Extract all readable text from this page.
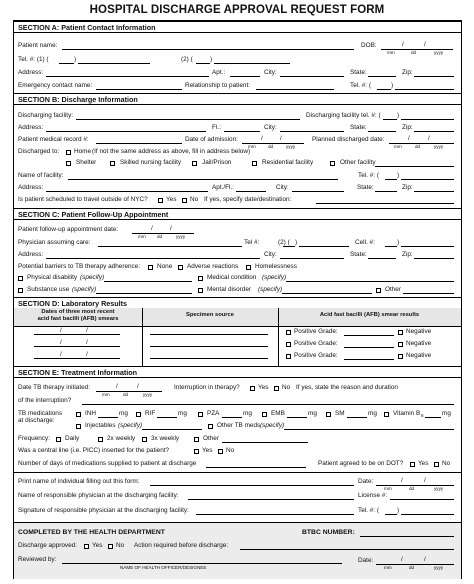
HOSPITAL DISCHARGE APPROVAL REQUEST FORM
SECTION A: Patient Contact Information
Patient name:	DOB:	/	/
mm	dd	yyyy
Tel. #: (1) (	)	(2) (	)
Address:	Apt.:	City:	State:	Zip:
Emergency contact name:	Relationship to patient:	Tel. #: (	)
SECTION B: Discharge Information
Discharging facility:	Discharging facility tel. #: (	)
Address:	Fl.:	City:	State:	Zip:
Patient medical record #:	Date of admission:	/	/
mm	dd	yyyy
Planned discharged date:	/	/
mm	dd	yyyy
Discharged to: Home (If not the same address as above, fill in address below)
Shelter	Skilled nursing facility	Jail/Prison	Residential facility	Other facility
Name of facility:	Tel. #: (	)
Address:	Apt./Fl.:	City:	State:	Zip:
Is patient scheduled to travel outside of NYC?	Yes No If yes, specify date/destination:
SECTION C: Patient Follow-Up Appointment
Patient follow-up appointment date:	/	/
mm dd	yyyy
Physician assuming care:	Tel #:	(2) ( )	Cell. #:	)
Address:	City:	State:	Zip:
Potential barriers to TB therapy adherence:	None Adverse reactions	Homelessness
Physical disability (specify)	Medical condition (specify)
Substance use (specify)	Mental disorder (specify)	Other
SECTION D: Laboratory Results
Dates of three most recent
acid fast bacilli (AFB) smears
Specimen source	Acid fast bacilli (AFB) smear results
/	/	Positive Grade:	Negative
/	/	Positive Grade:	Negative
/	/	Positive Grade:	Negative
SECTION E: Treatment Information
Date TB therapy initiated:	/	/
mm	dd	yyyy
Interruption in therapy?	Yes No If yes, state the reason and duration
of the interruption?
TB medications
at discharge:
INH	mg	RIF	mg	PZA	mg	EMB	mg	SM	mg	Vitamin B 6	mg
Injectables (specify)	Other TB meds (specify)
Frequency: Daily	2x weekly 3x weekly	Other
Was a central line (i.e. PICC) inserted for the patient?	Yes No
Number of days of medications supplied to patient at discharge	Patient agreed to be on DOT? Yes No
Print name of individual filling out this form:	Date:	/	/
mm	dd	yyyy
Name of responsible physician at the discharging facility:	License #:
Signature of responsible physician at the discharging facility:	Tel. #: (	)
COMPLETED BY THE HEALTH DEPARTMENT	BTBC NUMBER:
Discharge approved: Yes No Action required before discharge:
Reviewed by:
NAME OF HEALTH OFFICER/DESIGNEE
Date:	/	/
mm	dd	yyyy
